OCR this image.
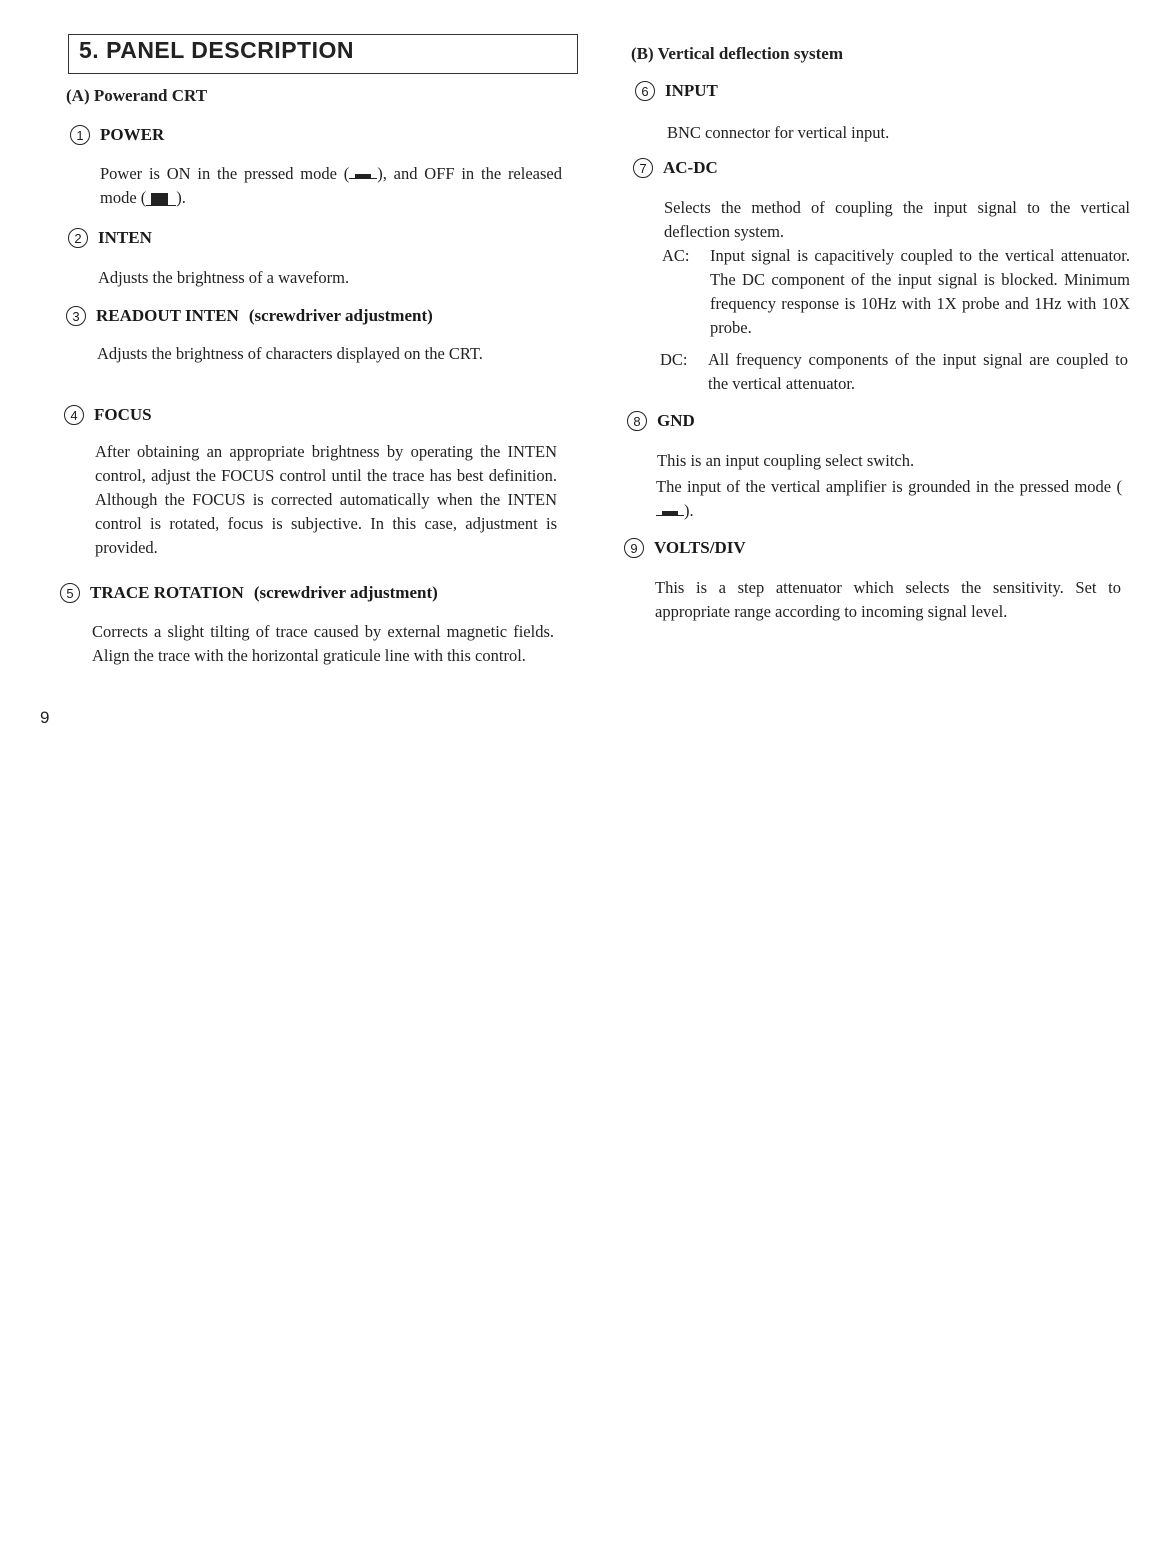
5. PANEL DESCRIPTION
(A) Powerand CRT
1 POWER

Power is ON in the pressed mode ( ), and OFF in the released mode ( ).

2 INTEN

Adjusts the brightness of a waveform.

3 READOUT INTEN (screwdriver adjustment)

Adjusts the brightness of characters displayed on the CRT.

4 FOCUS

After obtaining an appropriate brightness by operating the INTEN control, adjust the FOCUS control until the trace has best definition. Although the FOCUS is corrected automatically when the INTEN control is rotated, focus is subjective. In this case, adjustment is provided.

5 TRACE ROTATION (screwdriver adjustment)

Corrects a slight tilting of trace caused by external magnetic fields. Align the trace with the horizontal graticule line with this control.

(B) Vertical deflection system
6 INPUT

BNC connector for vertical input.

7 AC-DC

Selects the method of coupling the input signal to the vertical deflection system.

AC: Input signal is capacitively coupled to the vertical attenuator. The DC component of the input signal is blocked. Minimum frequency response is 10Hz with 1X probe and 1Hz with 10X probe.
DC: All frequency components of the input signal are coupled to the vertical attenuator.
8 GND

This is an input coupling select switch.

The input of the vertical amplifier is grounded in the pressed mode ().

9 VOLTS/DIV

This is a step attenuator which selects the sensitivity. Set to appropriate range according to incoming signal level.

9
